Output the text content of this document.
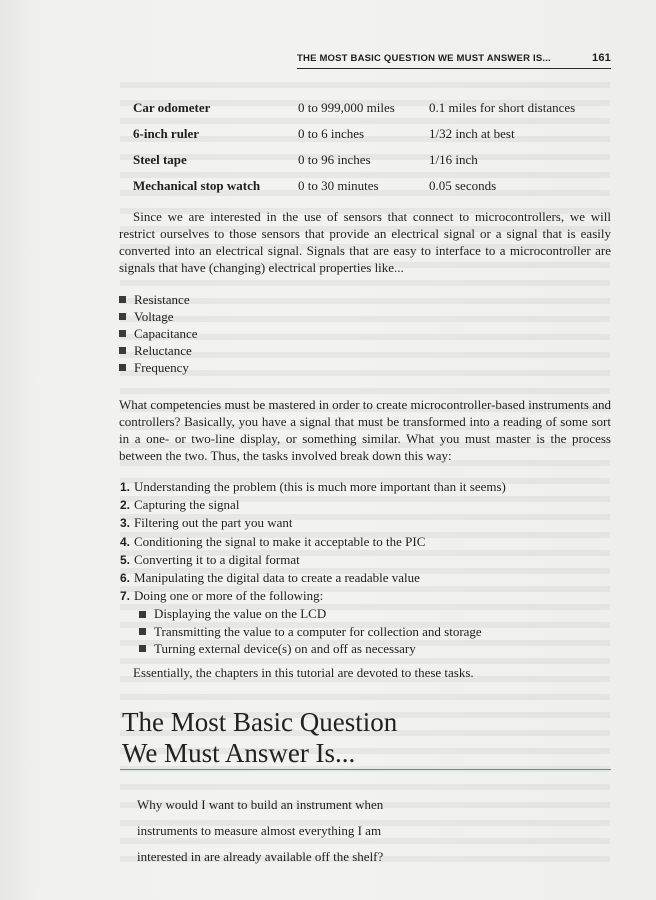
THE MOST BASIC QUESTION WE MUST ANSWER IS...	161
Car odometer	0 to 999,000 miles	0.1 miles for short distances
6-inch ruler	0 to 6 inches	1/32 inch at best
Steel tape	0 to 96 inches	1/16 inch
Mechanical stop watch	0 to 30 minutes	0.05 seconds

Since we are interested in the use of sensors that connect to microcontrollers, we will restrict ourselves to those sensors that provide an electrical signal or a signal that is easily converted into an electrical signal. Signals that are easy to interface to a microcontroller are signals that have (changing) electrical properties like...

Resistance
Voltage
Capacitance
Reluctance
Frequency

What competencies must be mastered in order to create microcontroller-based instruments and controllers? Basically, you have a signal that must be transformed into a reading of some sort in a one- or two-line display, or something similar. What you must master is the process between the two. Thus, the tasks involved break down this way:

1. Understanding the problem (this is much more important than it seems)
2. Capturing the signal
3. Filtering out the part you want
4. Conditioning the signal to make it acceptable to the PIC
5. Converting it to a digital format
6. Manipulating the digital data to create a readable value
7. Doing one or more of the following:
Displaying the value on the LCD
Transmitting the value to a computer for collection and storage
Turning external device(s) on and off as necessary

Essentially, the chapters in this tutorial are devoted to these tasks.

The Most Basic Question
We Must Answer Is...
Why would I want to build an instrument when
instruments to measure almost everything I am
interested in are already available off the shelf?
